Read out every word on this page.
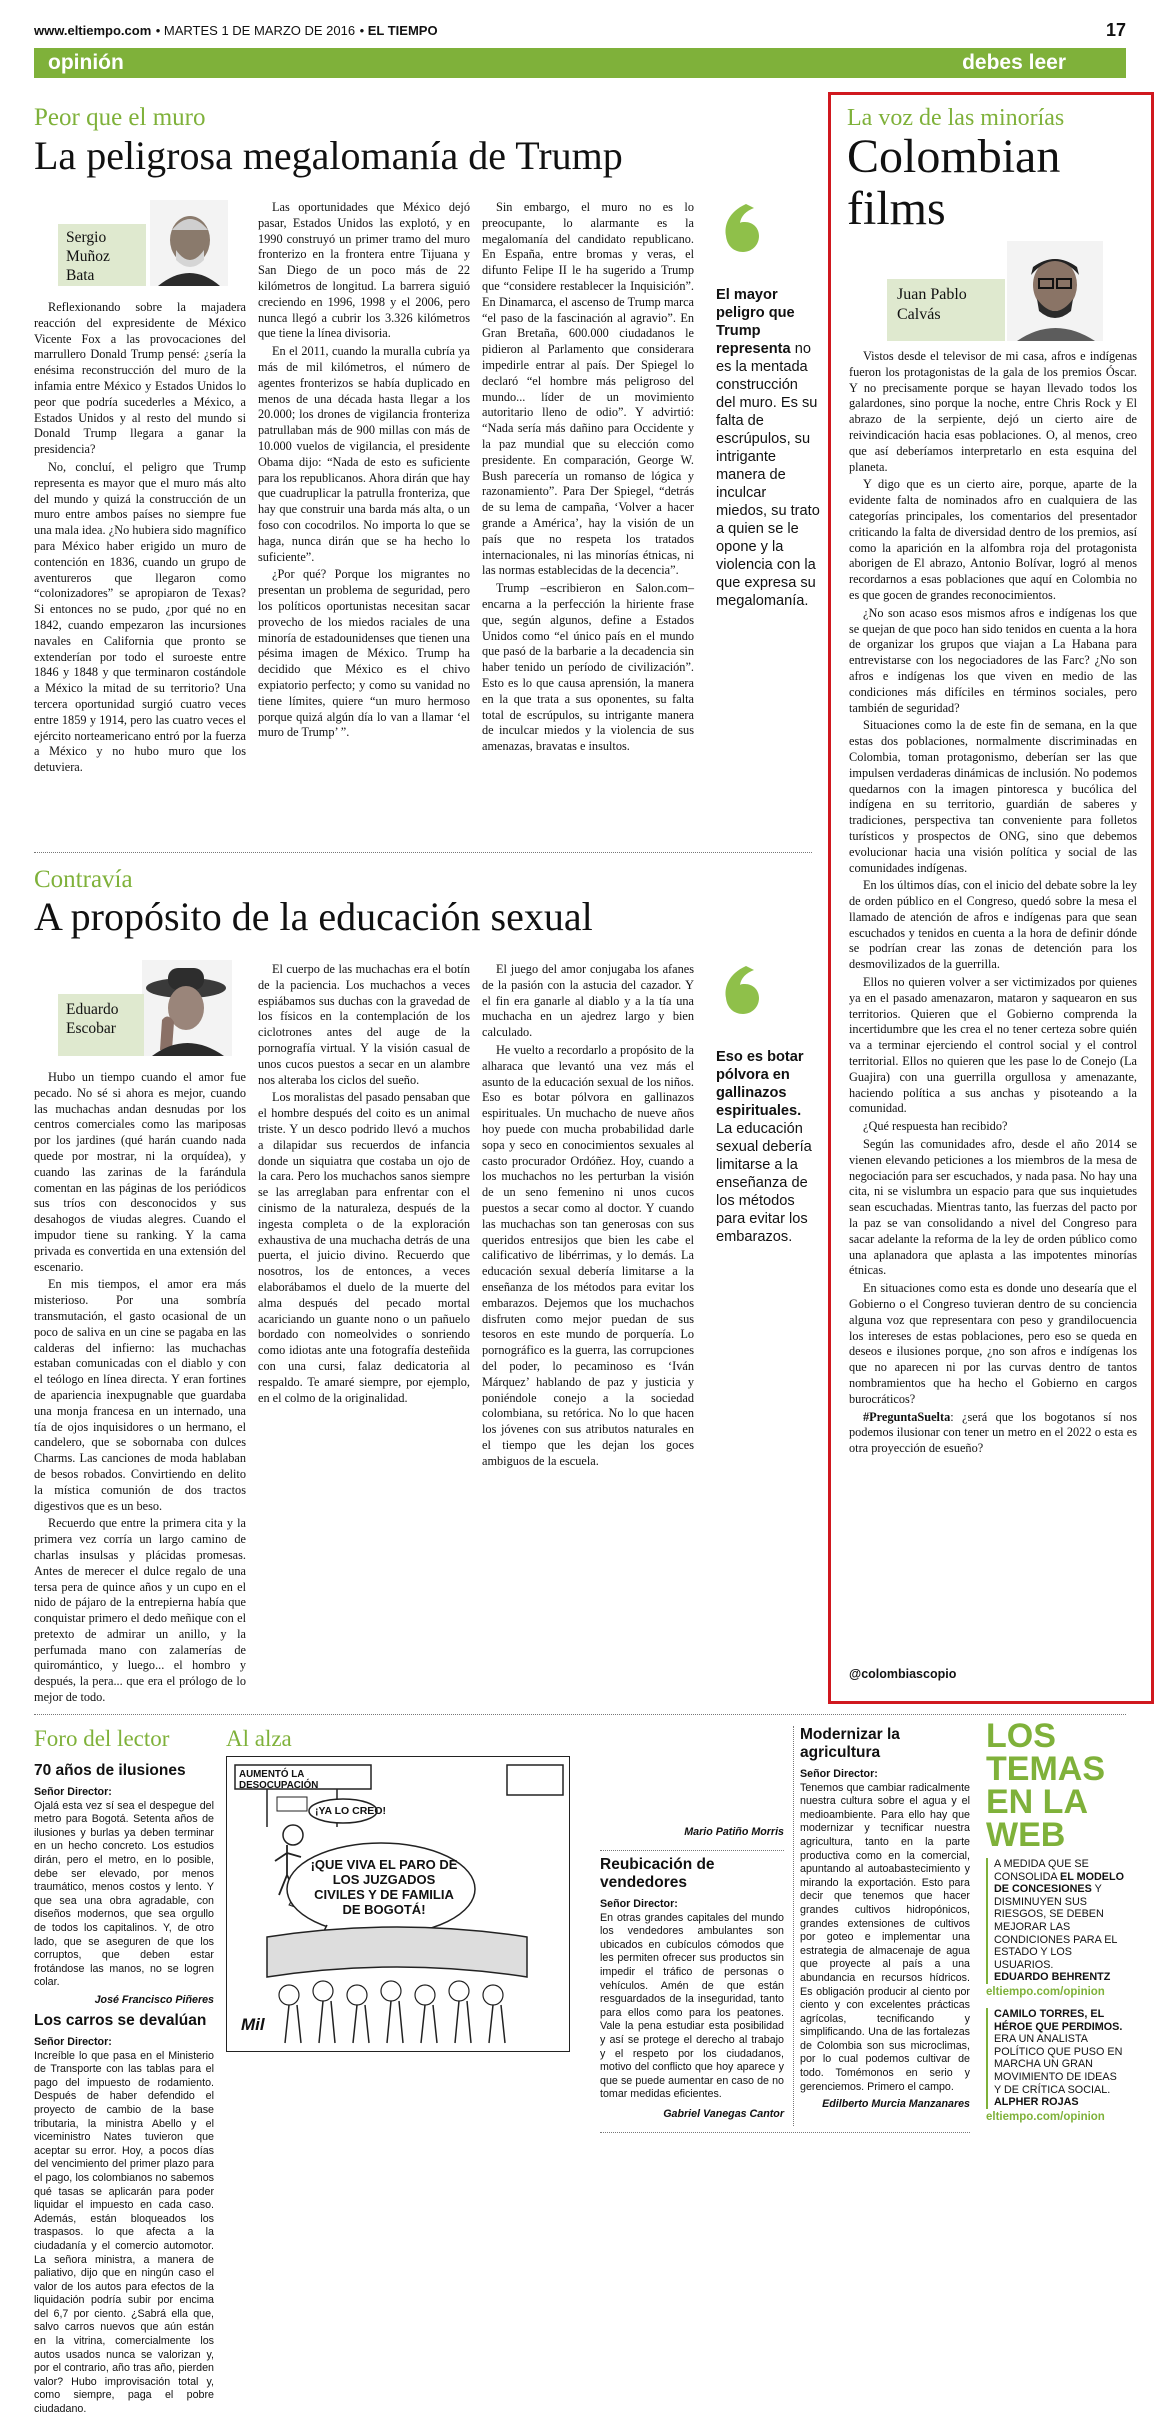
www.eltiempo.com • MARTES 1 DE MARZO DE 2016 • EL TIEMPO	17
opinión	debes leer
Peor que el muro
La peligrosa megalomanía de Trump
Sergio Muñoz Bata

Reflexionando sobre la majadera reacción del expresidente de México Vicente Fox a las provocaciones del marrullero Donald Trump pensé: ¿sería la enésima reconstrucción del muro de la infamia entre México y Estados Unidos lo peor que podría sucederles a México, a Estados Unidos y al resto del mundo si Donald Trump llegara a ganar la presidencia?

No, concluí, el peligro que Trump representa es mayor que el muro más alto del mundo y quizá la construcción de un muro entre ambos países no siempre fue una mala idea. ¿No hubiera sido magnífico para México haber erigido un muro de contención en 1836, cuando un grupo de aventureros que llegaron como “colonizadores” se apropiaron de Texas? Si entonces no se pudo, ¿por qué no en 1842, cuando empezaron las incursiones navales en California que pronto se extenderían por todo el suroeste entre 1846 y 1848 y que terminaron costándole a México la mitad de su territorio? Una tercera oportunidad surgió cuatro veces entre 1859 y 1914, pero las cuatro veces el ejército norteamericano entró por la fuerza a México y no hubo muro que los detuviera.

Las oportunidades que México dejó pasar, Estados Unidos las explotó, y en 1990 construyó un primer tramo del muro fronterizo en la frontera entre Tijuana y San Diego de un poco más de 22 kilómetros de longitud. La barrera siguió creciendo en 1996, 1998 y el 2006, pero nunca llegó a cubrir los 3.326 kilómetros que tiene la línea divisoria.

En el 2011, cuando la muralla cubría ya más de mil kilómetros, el número de agentes fronterizos se había duplicado en menos de una década hasta llegar a los 20.000; los drones de vigilancia fronteriza patrullaban más de 900 millas con más de 10.000 vuelos de vigilancia, el presidente Obama dijo: “Nada de esto es suficiente para los republicanos. Ahora dirán que hay que cuadruplicar la patrulla fronteriza, que hay que construir una barda más alta, o un foso con cocodrilos. No importa lo que se haga, nunca dirán que se ha hecho lo suficiente”.

¿Por qué? Porque los migrantes no presentan un problema de seguridad, pero los políticos oportunistas necesitan sacar provecho de los miedos raciales de una minoría de estadounidenses que tienen una pésima imagen de México. Trump ha decidido que México es el chivo expiatorio perfecto; y como su vanidad no tiene límites, quiere “un muro hermoso porque quizá algún día lo van a llamar ‘el muro de Trump’ ”.

Sin embargo, el muro no es lo preocupante, lo alarmante es la megalomanía del candidato republicano. En España, entre bromas y veras, el difunto Felipe II le ha sugerido a Trump que “considere restablecer la Inquisición”. En Dinamarca, el ascenso de Trump marca “el paso de la fascinación al agravio”. En Gran Bretaña, 600.000 ciudadanos le pidieron al Parlamento que considerara impedirle entrar al país. Der Spiegel lo declaró “el hombre más peligroso del mundo... líder de un movimiento autoritario lleno de odio”. Y advirtió: “Nada sería más dañino para Occidente y la paz mundial que su elección como presidente. En comparación, George W. Bush parecería un romanso de lógica y razonamiento”. Para Der Spiegel, “detrás de su lema de campaña, ‘Volver a hacer grande a América’, hay la visión de un país que no respeta los tratados internacionales, ni las minorías étnicas, ni las normas establecidas de la decencia”.

Trump –escribieron en Salon.com– encarna a la perfección la hiriente frase que, según algunos, define a Estados Unidos como “el único país en el mundo que pasó de la barbarie a la decadencia sin haber tenido un período de civilización”. Esto es lo que causa aprensión, la manera en la que trata a sus oponentes, su falta total de escrúpulos, su intrigante manera de inculcar miedos y la violencia de sus amenazas, bravatas e insultos.

El mayor peligro que Trump representa no es la mentada construcción del muro. Es su falta de escrúpulos, su intrigante manera de inculcar miedos, su trato a quien se le opone y la violencia con la que expresa su megalomanía.
Contravía
A propósito de la educación sexual
Eduardo Escobar

Hubo un tiempo cuando el amor fue pecado. No sé si ahora es mejor, cuando las muchachas andan desnudas por los centros comerciales como las mariposas por los jardines (qué harán cuando nada quede por mostrar, ni la orquídea), y cuando las zarinas de la farándula comentan en las páginas de los periódicos sus tríos con desconocidos y sus desahogos de viudas alegres. Cuando el impudor tiene su ranking. Y la cama privada es convertida en una extensión del escenario.

En mis tiempos, el amor era más misterioso. Por una sombría transmutación, el gasto ocasional de un poco de saliva en un cine se pagaba en las calderas del infierno: las muchachas estaban comunicadas con el diablo y con el teólogo en línea directa. Y eran fortines de apariencia inexpugnable que guardaba una monja francesa en un internado, una tía de ojos inquisidores o un hermano, el candelero, que se sobornaba con dulces Charms. Las canciones de moda hablaban de besos robados. Convirtiendo en delito la mística comunión de dos tractos digestivos que es un beso.

Recuerdo que entre la primera cita y la primera vez corría un largo camino de charlas insulsas y plácidas promesas. Antes de merecer el dulce regalo de una tersa pera de quince años y un cupo en el nido de pájaro de la entrepierna había que conquistar primero el dedo meñique con el pretexto de admirar un anillo, y la perfumada mano con zalamerías de quiromántico, y luego... el hombro y después, la pera... que era el prólogo de lo mejor de todo.

El cuerpo de las muchachas era el botín de la paciencia. Los muchachos a veces espiábamos sus duchas con la gravedad de los físicos en la contemplación de los ciclotrones antes del auge de la pornografía virtual. Y la visión casual de unos cucos puestos a secar en un alambre nos alteraba los ciclos del sueño.

Los moralistas del pasado pensaban que el hombre después del coito es un animal triste. Y un desco podrido llevó a muchos a dilapidar sus recuerdos de infancia donde un siquiatra que costaba un ojo de la cara. Pero los muchachos sanos siempre se las arreglaban para enfrentar con el cinismo de la naturaleza, después de la ingesta completa o de la exploración exhaustiva de una muchacha detrás de una puerta, el juicio divino. Recuerdo que nosotros, los de entonces, a veces elaborábamos el duelo de la muerte del alma después del pecado mortal acariciando un guante nono o un pañuelo bordado con nomeolvides o sonriendo como idiotas ante una fotografía desteñida con una cursi, falaz dedicatoria al respaldo. Te amaré siempre, por ejemplo, en el colmo de la originalidad.

El juego del amor conjugaba los afanes de la pasión con la astucia del cazador. Y el fin era ganarle al diablo y a la tía una muchacha en un ajedrez largo y bien calculado.

He vuelto a recordarlo a propósito de la alharaca que levantó una vez más el asunto de la educación sexual de los niños. Eso es botar pólvora en gallinazos espirituales. Un muchacho de nueve años hoy puede con mucha probabilidad darle sopa y seco en conocimientos sexuales al casto procurador Ordóñez. Hoy, cuando a los muchachos no les perturban la visión de un seno femenino ni unos cucos puestos a secar como al doctor. Y cuando las muchachas son tan generosas con sus queridos entresijos que bien les cabe el calificativo de libérrimas, y lo demás. La educación sexual debería limitarse a la enseñanza de los métodos para evitar los embarazos. Dejemos que los muchachos disfruten como mejor puedan de sus tesoros en este mundo de porquería. Lo pornográfico es la guerra, las corrupciones del poder, lo pecaminoso es ‘Iván Márquez’ hablando de paz y justicia y poniéndole conejo a la sociedad colombiana, su retórica. No lo que hacen los jóvenes con sus atributos naturales en el tiempo que les dejan los goces ambiguos de la escuela.

Eso es botar pólvora en gallinazos espirituales. La educación sexual debería limitarse a la enseñanza de los métodos para evitar los embarazos.
La voz de las minorías
Colombian films
Juan Pablo Calvás

Vistos desde el televisor de mi casa, afros e indígenas fueron los protagonistas de la gala de los premios Óscar. Y no precisamente porque se hayan llevado todos los galardones, sino porque la noche, entre Chris Rock y El abrazo de la serpiente, dejó un cierto aire de reivindicación hacia esas poblaciones. O, al menos, creo que así deberíamos interpretarlo en esta esquina del planeta.

Y digo que es un cierto aire, porque, aparte de la evidente falta de nominados afro en cualquiera de las categorías principales, los comentarios del presentador criticando la falta de diversidad dentro de los premios, así como la aparición en la alfombra roja del protagonista aborigen de El abrazo, Antonio Bolívar, logró al menos recordarnos a esas poblaciones que aquí en Colombia no es que gocen de grandes reconocimientos.

¿No son acaso esos mismos afros e indígenas los que se quejan de que poco han sido tenidos en cuenta a la hora de organizar los grupos que viajan a La Habana para entrevistarse con los negociadores de las Farc? ¿No son afros e indígenas los que viven en medio de las condiciones más difíciles en términos sociales, pero también de seguridad?

Situaciones como la de este fin de semana, en la que estas dos poblaciones, normalmente discriminadas en Colombia, toman protagonismo, deberían ser las que impulsen verdaderas dinámicas de inclusión. No podemos quedarnos con la imagen pintoresca y bucólica del indígena en su territorio, guardián de saberes y tradiciones, perspectiva tan conveniente para folletos turísticos y prospectos de ONG, sino que debemos evolucionar hacia una visión política y social de las comunidades indígenas.

En los últimos días, con el inicio del debate sobre la ley de orden público en el Congreso, quedó sobre la mesa el llamado de atención de afros e indígenas para que sean escuchados y tenidos en cuenta a la hora de definir dónde se podrían crear las zonas de detención para los desmovilizados de la guerrilla.

Ellos no quieren volver a ser victimizados por quienes ya en el pasado amenazaron, mataron y saquearon en sus territorios. Quieren que el Gobierno comprenda la incertidumbre que les crea el no tener certeza sobre quién va a terminar ejerciendo el control social y el control territorial. Ellos no quieren que les pase lo de Conejo (La Guajira) con una guerrilla orgullosa y amenazante, haciendo política a sus anchas y pisoteando a la comunidad.

¿Qué respuesta han recibido?

Según las comunidades afro, desde el año 2014 se vienen elevando peticiones a los miembros de la mesa de negociación para ser escuchados, y nada pasa. No hay una cita, ni se vislumbra un espacio para que sus inquietudes sean escuchadas. Mientras tanto, las fuerzas del pacto por la paz se van consolidando a nivel del Congreso para sacar adelante la reforma de la ley de orden público como una aplanadora que aplasta a las impotentes minorías étnicas.

En situaciones como esta es donde uno desearía que el Gobierno o el Congreso tuvieran dentro de su conciencia alguna voz que representara con peso y grandilocuencia los intereses de estas poblaciones, pero eso se queda en deseos e ilusiones porque, ¿no son afros e indígenas los que no aparecen ni por las curvas dentro de tantos nombramientos que ha hecho el Gobierno en cargos burocráticos?

#PreguntaSuelta: ¿será que los bogotanos sí nos podemos ilusionar con tener un metro en el 2022 o esta es otra proyección de esueño?

@colombiascopio
Foro del lector
70 años de ilusiones

Señor Director:

Ojalá esta vez sí sea el despegue del metro para Bogotá. Setenta años de ilusiones y burlas ya deben terminar en un hecho concreto. Los estudios dirán, pero el metro, en lo posible, debe ser elevado, por menos traumático, menos costos y lento. Y que sea una obra agradable, con diseños modernos, que sea orgullo de todos los capitalinos. Y, de otro lado, que se aseguren de que los corruptos, que deben estar frotándose las manos, no se logren colar.

José Francisco Piñeres

Los carros se devalúan

Señor Director:

Increíble lo que pasa en el Ministerio de Transporte con las tablas para el pago del impuesto de rodamiento. Después de haber defendido el proyecto de cambio de la base tributaria, la ministra Abello y el viceministro Nates tuvieron que aceptar su error. Hoy, a pocos días del vencimiento del primer plazo para el pago, los colombianos no sabemos qué tasas se aplicarán para poder liquidar el impuesto en cada caso. Además, están bloqueados los traspasos. lo que afecta a la ciudadanía y el comercio automotor. La señora ministra, a manera de paliativo, dijo que en ningún caso el valor de los autos para efectos de la liquidación podría subir por encima del 6,7 por ciento. ¿Sabrá ella que, salvo carros nuevos que aún están en la vitrina, comercialmente los autos usados nunca se valorizan y, por el contrario, año tras año, pierden valor? Hubo improvisación total y, como siempre, paga el pobre ciudadano.

Al alza
AUMENTÓ LA DESOCUPACIÓN
¡YA LO CREO!
¡QUE VIVA EL PARO DE LOS JUZGADOS CIVILES Y DE FAMILIA DE BOGOTÁ!
Mil

Mario Patiño Morris

Reubicación de vendedores

Señor Director:

En otras grandes capitales del mundo los vendedores ambulantes son ubicados en cubículos cómodos que les permiten ofrecer sus productos sin impedir el tráfico de personas o vehículos. Amén de que están resguardados de la inseguridad, tanto para ellos como para los peatones. Vale la pena estudiar esta posibilidad y así se protege el derecho al trabajo y el respeto por los ciudadanos, motivo del conflicto que hoy aparece y que se puede aumentar en caso de no tomar medidas eficientes.

Gabriel Vanegas Cantor

Modernizar la agricultura

Señor Director:

Tenemos que cambiar radicalmente nuestra cultura sobre el agua y el medioambiente. Para ello hay que modernizar y tecnificar nuestra agricultura, tanto en la parte productiva como en la comercial, apuntando al autoabastecimiento y mirando la exportación. Esto para decir que tenemos que hacer grandes cultivos hidropónicos, grandes extensiones de cultivos por goteo e implementar una estrategia de almacenaje de agua que proyecte al país a una abundancia en recursos hídricos. Es obligación producir al ciento por ciento y con excelentes prácticas agrícolas, tecnificando y simplificando. Una de las fortalezas de Colombia son sus microclimas, por lo cual podemos cultivar de todo. Tomémonos en serio y gerenciemos. Primero el campo.

Edilberto Murcia Manzanares

LOS
TEMAS
EN LA
WEB
A MEDIDA QUE SE CONSOLIDA EL MODELO DE CONCESIONES Y DISMINUYEN SUS RIESGOS, SE DEBEN MEJORAR LAS CONDICIONES PARA EL ESTADO Y LOS USUARIOS.
EDUARDO BEHRENTZ
eltiempo.com/opinion
CAMILO TORRES, EL HÉROE QUE PERDIMOS. ERA UN ANALISTA POLÍTICO QUE PUSO EN MARCHA UN GRAN MOVIMIENTO DE IDEAS Y DE CRÍTICA SOCIAL.
ALPHER ROJAS
eltiempo.com/opinion
